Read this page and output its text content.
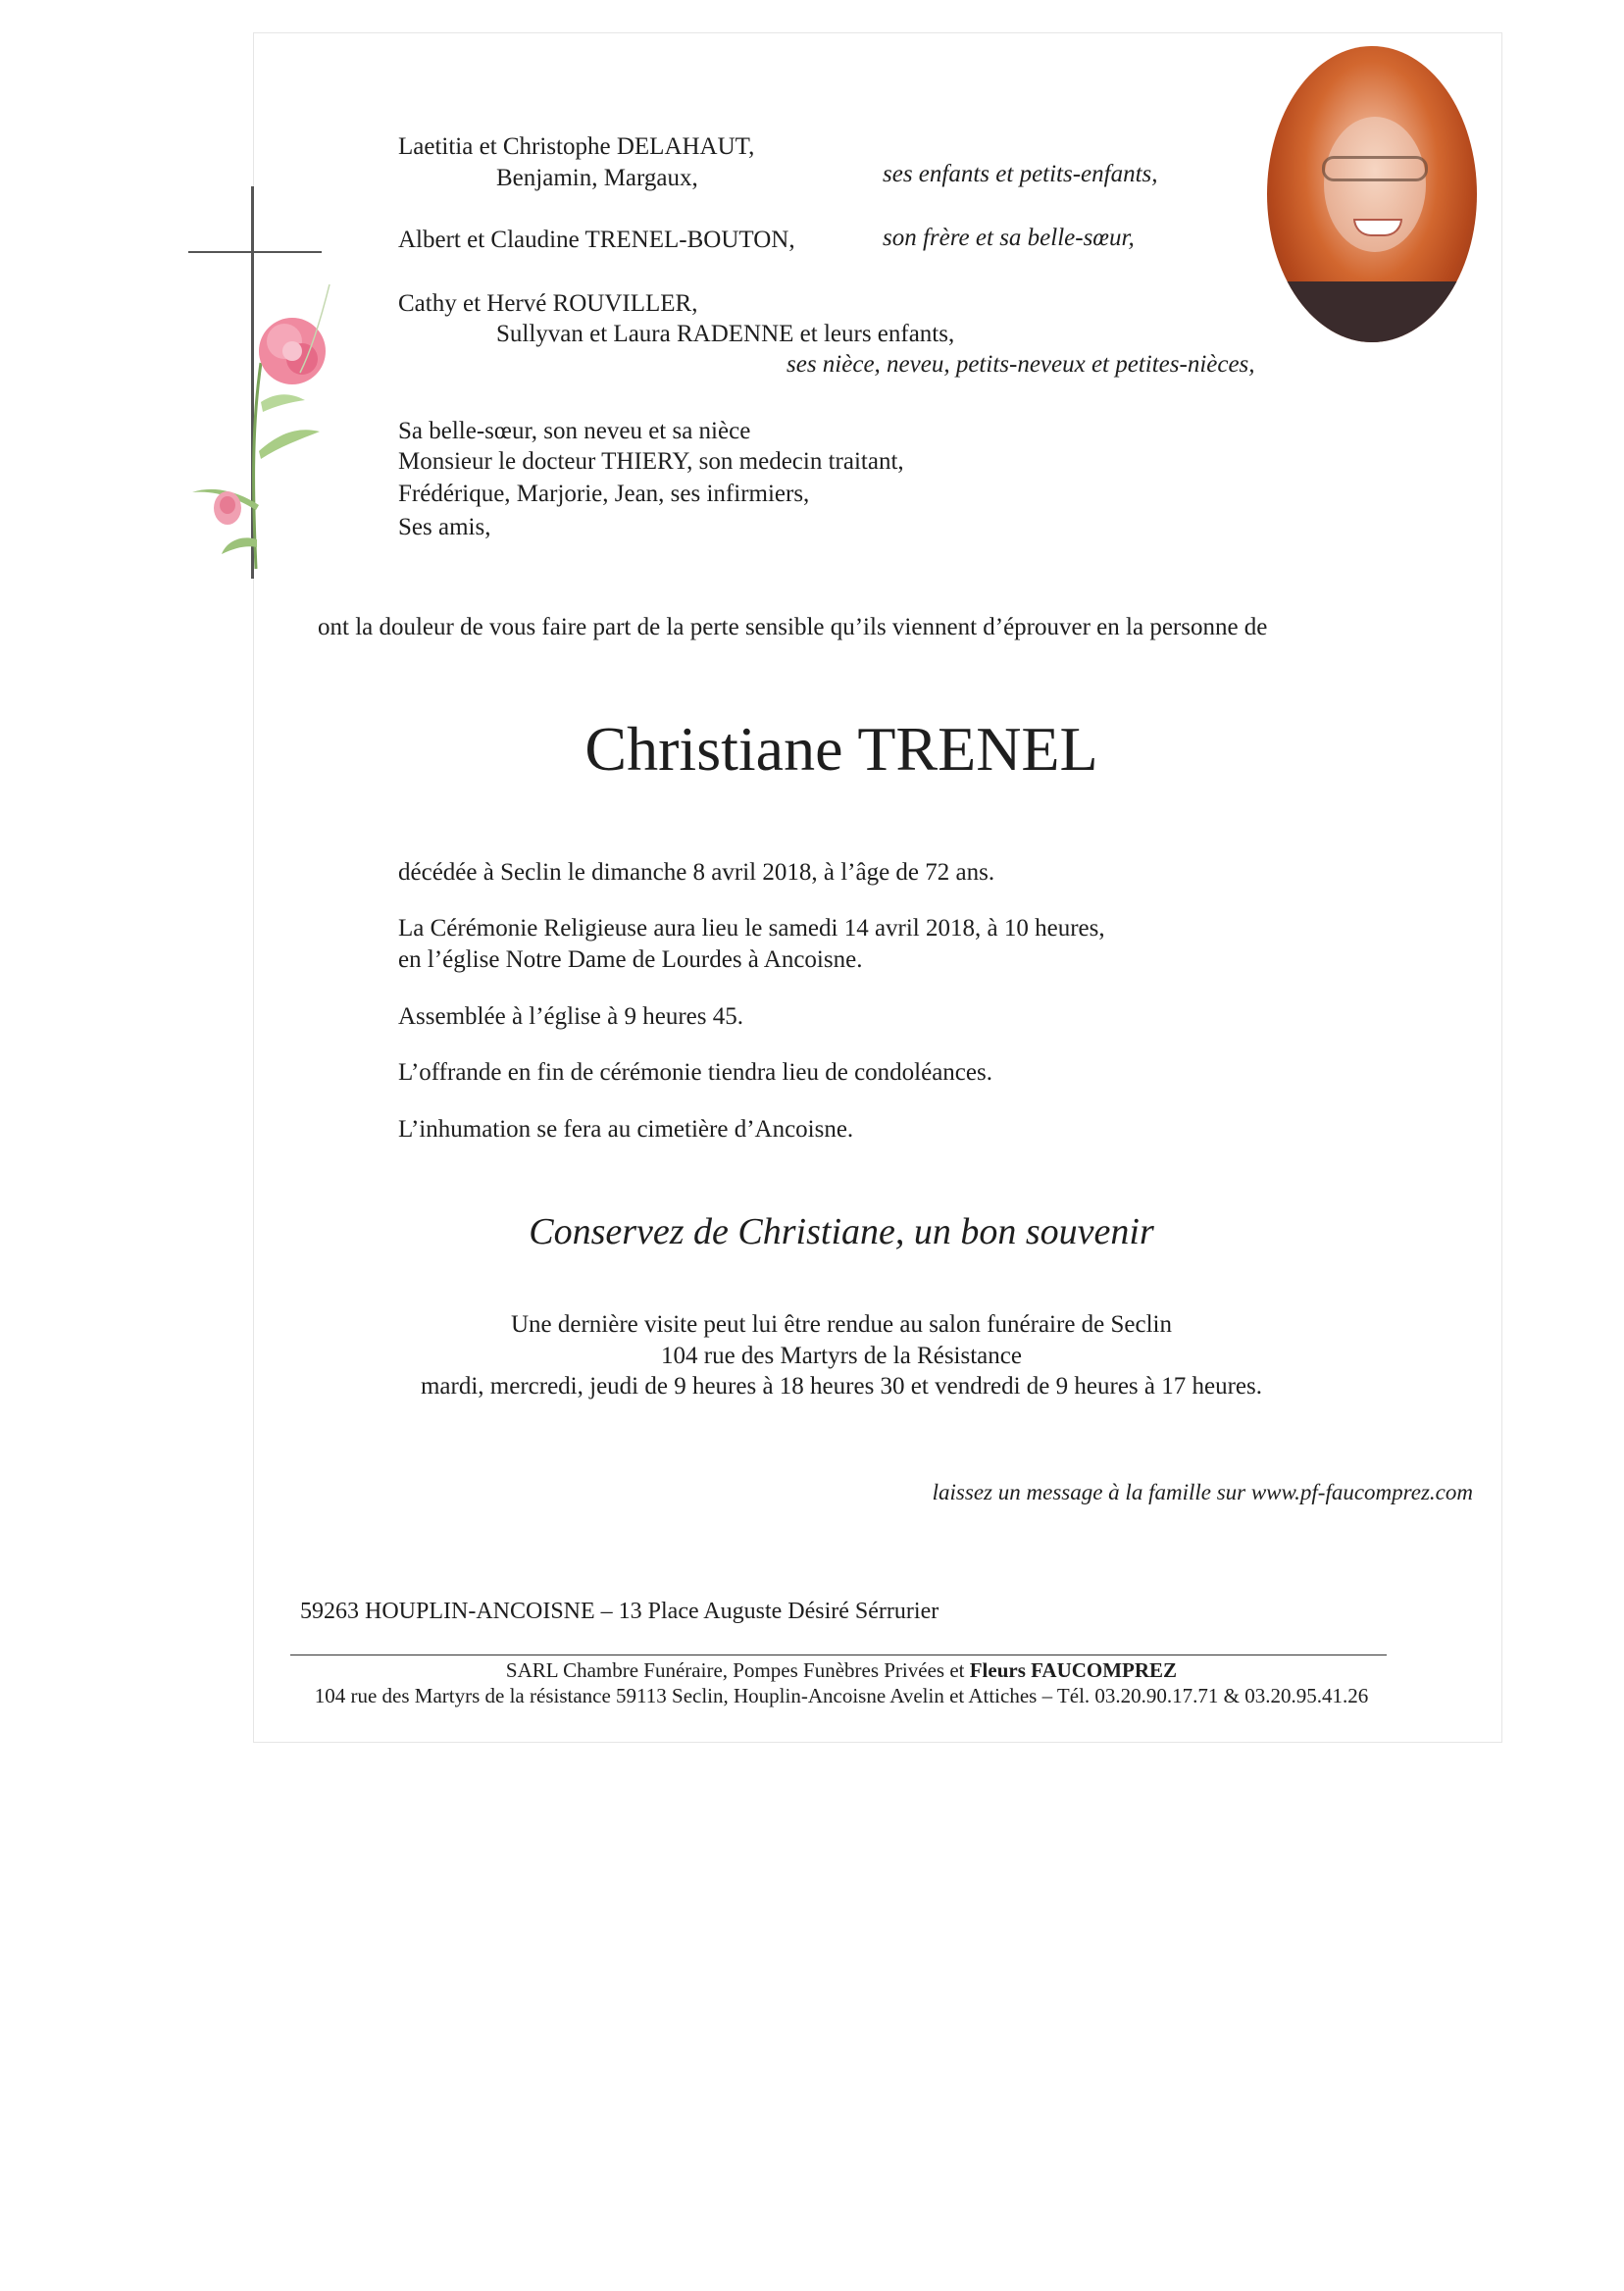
Laetitia et Christophe DELAHAUT,
Benjamin, Margaux,	ses enfants et petits-enfants,
Albert et Claudine TRENEL-BOUTON,	son frère et sa belle-sœur,
Cathy et Hervé ROUVILLER,
Sullyvan et Laura RADENNE et leurs enfants,
ses nièce, neveu, petits-neveux et petites-nièces,
Sa belle-sœur, son neveu et sa nièce
Monsieur le docteur THIERY, son medecin traitant,
Frédérique, Marjorie, Jean, ses infirmiers,
Ses amis,
ont la douleur de vous faire part de la perte sensible qu’ils viennent d’éprouver en la personne de
Christiane TRENEL
décédée à Seclin le dimanche 8 avril 2018, à l’âge de 72 ans.
La Cérémonie Religieuse aura lieu le samedi 14 avril 2018, à 10 heures,
en l’église Notre Dame de Lourdes à Ancoisne.
Assemblée à l’église à 9 heures 45.
L’offrande en fin de cérémonie tiendra lieu de condoléances.
L’inhumation se fera au cimetière d’Ancoisne.
Conservez de Christiane, un bon souvenir
Une dernière visite peut lui être rendue au salon funéraire de Seclin
104 rue des Martyrs de la Résistance
mardi, mercredi, jeudi de 9 heures à 18 heures 30 et vendredi de 9 heures à 17 heures.
laissez un message à la famille sur www.pf-faucomprez.com
59263 HOUPLIN-ANCOISNE – 13 Place Auguste Désiré Sérrurier
SARL Chambre Funéraire, Pompes Funèbres Privées et Fleurs FAUCOMPREZ
104 rue des Martyrs de la résistance 59113 Seclin, Houplin-Ancoisne Avelin et Attiches – Tél. 03.20.90.17.71 & 03.20.95.41.26
